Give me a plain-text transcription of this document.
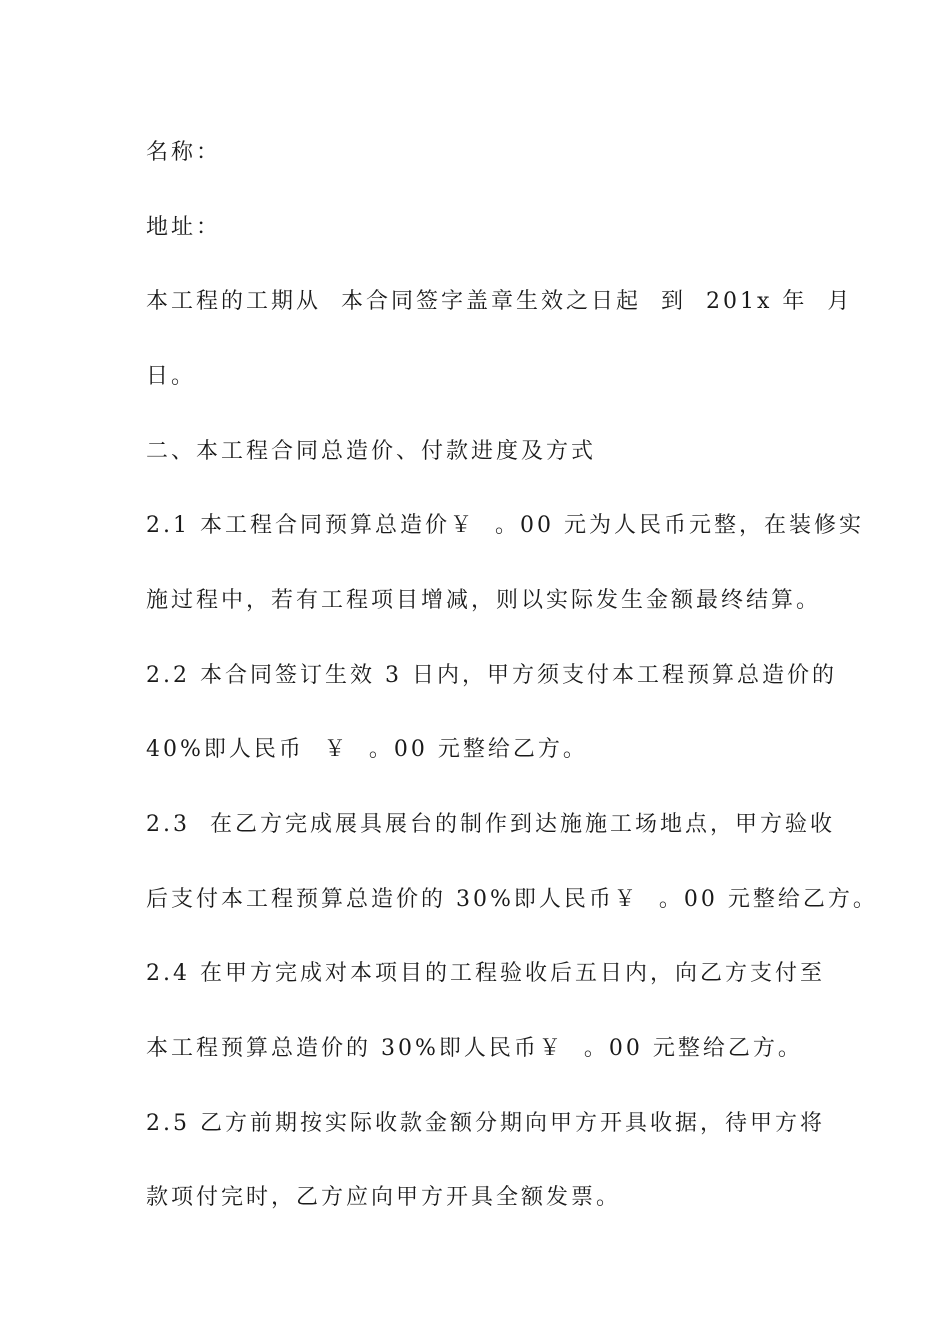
名称：
地址：
本工程的工期从  本合同签字盖章生效之日起  到  201x 年  月
日。
二、本工程合同总造价、付款进度及方式
2.1 本工程合同预算总造价￥  。00 元为人民币元整，在装修实
施过程中，若有工程项目增减，则以实际发生金额最终结算。
2.2 本合同签订生效 3 日内，甲方须支付本工程预算总造价的
40%即人民币  ￥  。00 元整给乙方。
2.3  在乙方完成展具展台的制作到达施施工场地点，甲方验收
后支付本工程预算总造价的 30%即人民币￥  。00 元整给乙方。
2.4 在甲方完成对本项目的工程验收后五日内，向乙方支付至
本工程预算总造价的 30%即人民币￥  。00 元整给乙方。
2.5 乙方前期按实际收款金额分期向甲方开具收据，待甲方将
款项付完时，乙方应向甲方开具全额发票。
